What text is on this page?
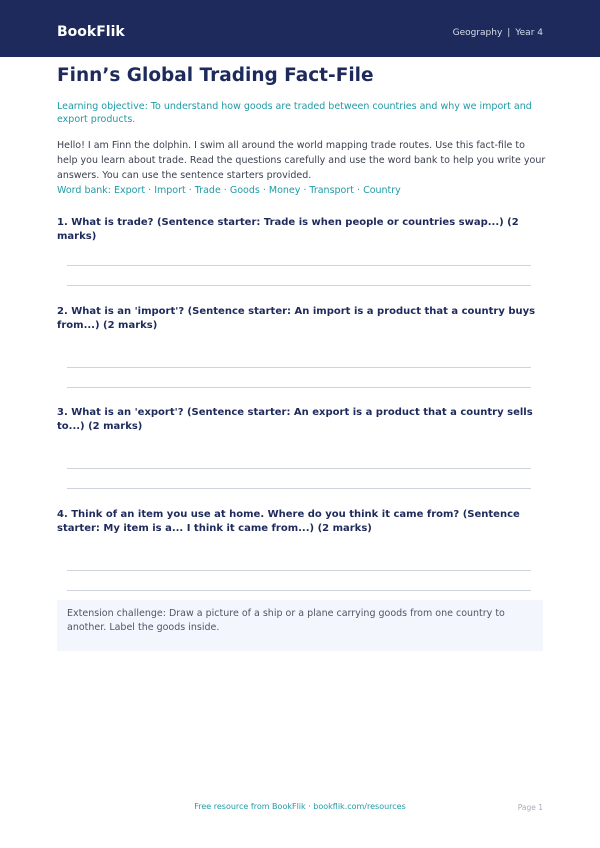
BookFlik	Geography | Year 4
Finn’s Global Trading Fact-File
Learning objective: To understand how goods are traded between countries and why we import and export products.
Hello! I am Finn the dolphin. I swim all around the world mapping trade routes. Use this fact-file to help you learn about trade. Read the questions carefully and use the word bank to help you write your answers. You can use the sentence starters provided.
Word bank: Export · Import · Trade · Goods · Money · Transport · Country
1. What is trade? (Sentence starter: Trade is when people or countries swap...) (2 marks)
2. What is an 'import'? (Sentence starter: An import is a product that a country buys from...) (2 marks)
3. What is an 'export'? (Sentence starter: An export is a product that a country sells to...) (2 marks)
4. Think of an item you use at home. Where do you think it came from? (Sentence starter: My item is a... I think it came from...) (2 marks)
Extension challenge: Draw a picture of a ship or a plane carrying goods from one country to another. Label the goods inside.
Free resource from BookFlik · bookflik.com/resources	Page 1
